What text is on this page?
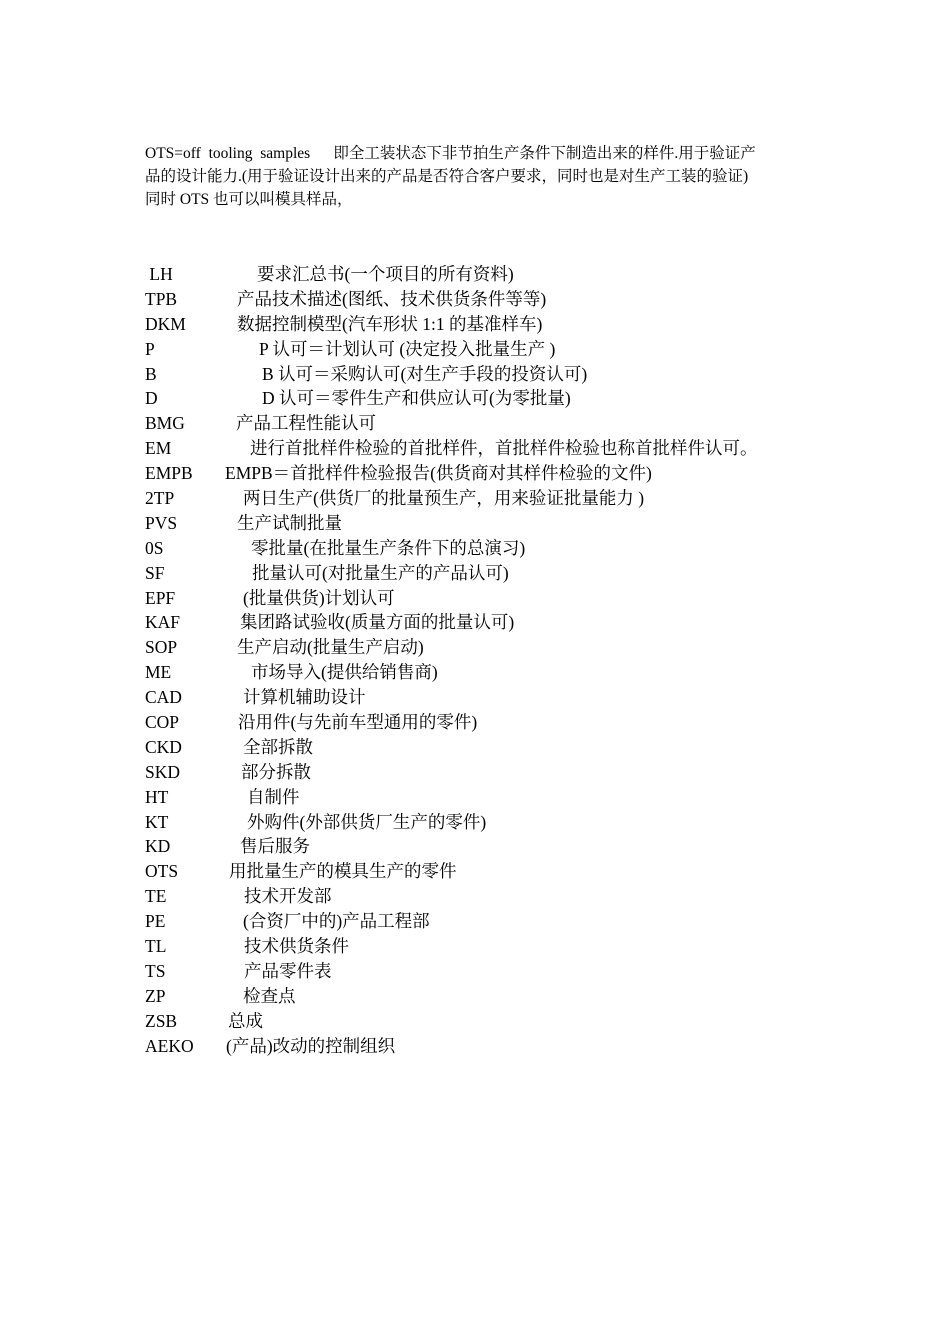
OTS=off  tooling  samples      即全工装状态下非节拍生产条件下制造出来的样件.用于验证产

品的设计能力.(用于验证设计出来的产品是否符合客户要求，同时也是对生产工装的验证)

同时 OTS 也可以叫模具样品，

LH	要求汇总书(一个项目的所有资料)
TPB	产品技术描述(图纸、技术供货条件等等)
DKM	数据控制模型(汽车形状 1:1 的基准样车)
P	P 认可＝计划认可 (决定投入批量生产 )
B	B 认可＝采购认可(对生产手段的投资认可)
D	D 认可＝零件生产和供应认可(为零批量)
BMG	产品工程性能认可
EM	进行首批样件检验的首批样件，首批样件检验也称首批样件认可。
EMPB EMPB＝首批样件检验报告(供货商对其样件检验的文件)
2TP	两日生产(供货厂的批量预生产，用来验证批量能力 )
PVS	生产试制批量
0S	零批量(在批量生产条件下的总演习)
SF	批量认可(对批量生产的产品认可)
EPF	(批量供货)计划认可
KAF	集团路试验收(质量方面的批量认可)
SOP	生产启动(批量生产启动)
ME	市场导入(提供给销售商)
CAD	计算机辅助设计
COP	沿用件(与先前车型通用的零件)
CKD	全部拆散
SKD	部分拆散
HT	自制件
KT	外购件(外部供货厂生产的零件)
KD	售后服务
OTS	用批量生产的模具生产的零件
TE	技术开发部
PE	(合资厂中的)产品工程部
TL	技术供货条件
TS	产品零件表
ZP	检查点
ZSB	总成
AEKO (产品)改动的控制组织
